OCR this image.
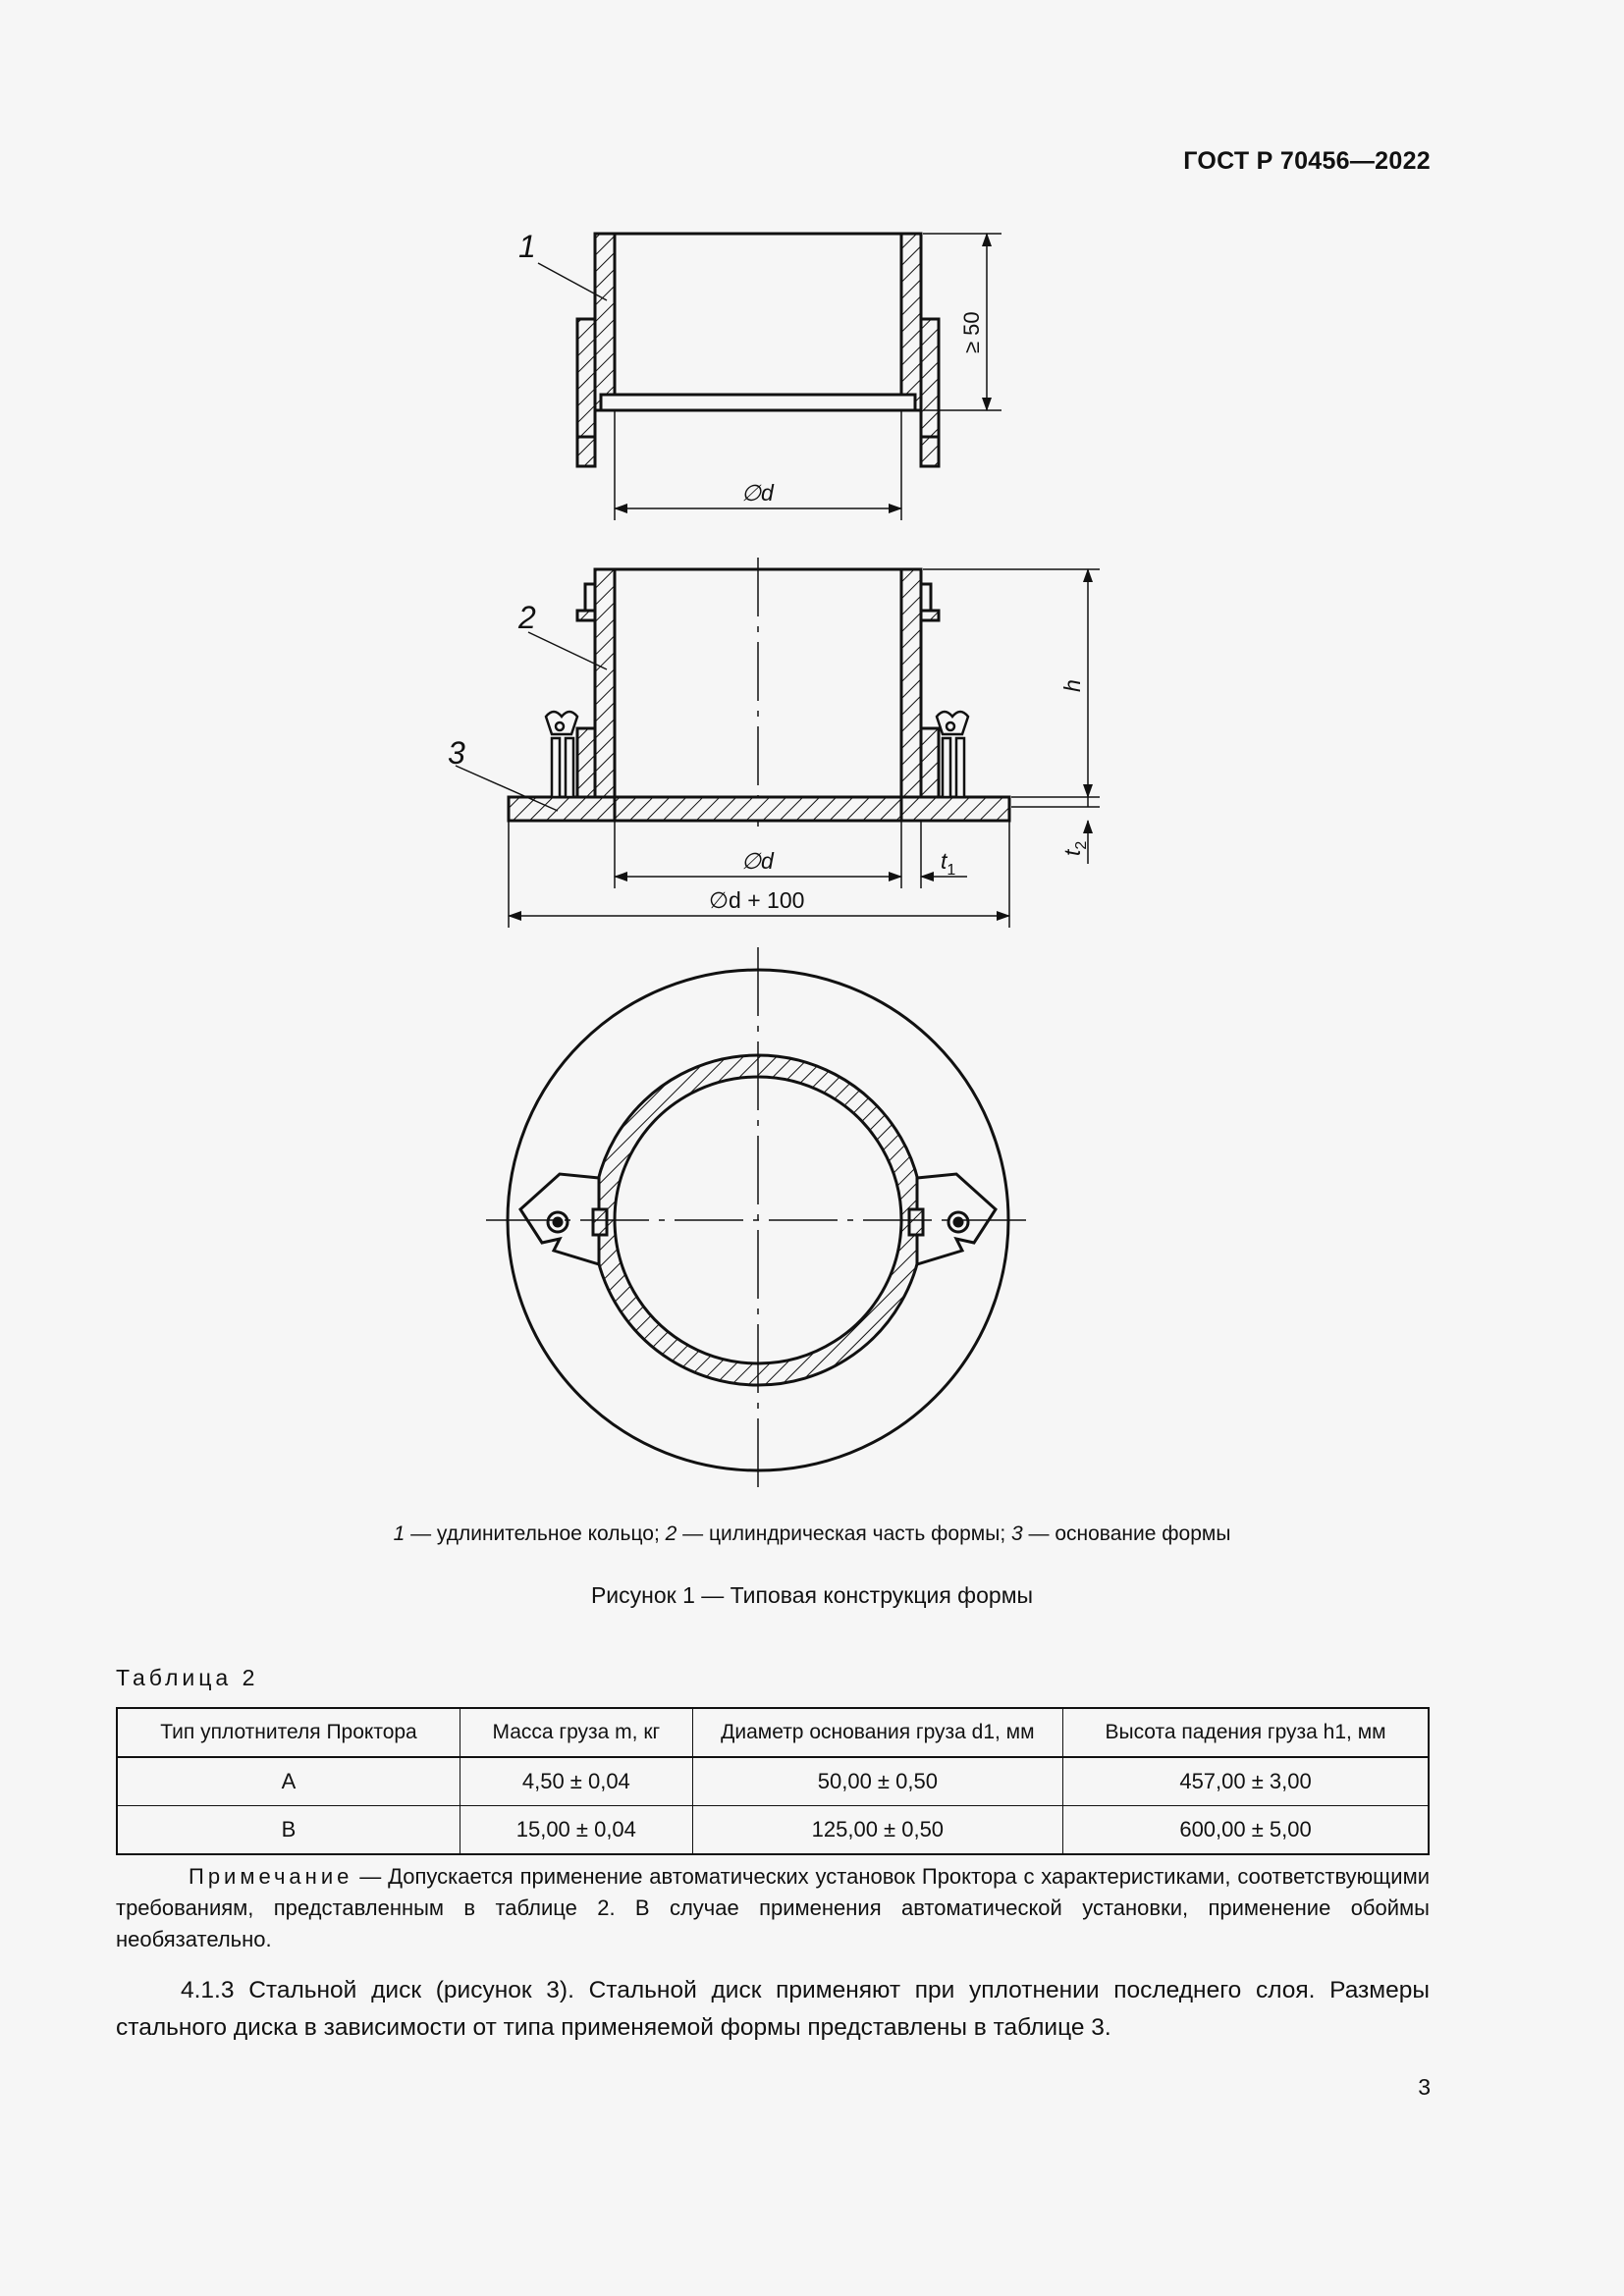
ГОСТ Р 70456—2022
1
∅d
≥ 50
2
3
∅d
∅d + 100
$t_1$
h
$t_2$
1 — удлинительное кольцо; 2 — цилиндрическая часть формы; 3 — основание формы
Рисунок 1 — Типовая конструкция формы
Таблица 2
Тип уплотнителя Проктора	Масса груза m, кг	Диаметр основания груза d1, мм	Высота падения груза h1, мм
A	4,50 ± 0,04	50,00 ± 0,50	457,00 ± 3,00
B	15,00 ± 0,04	125,00 ± 0,50	600,00 ± 5,00
Примечание — Допускается применение автоматических установок Проктора с характеристиками, соответствующими требованиям, представленным в таблице 2. В случае применения автоматической установки, применение обоймы необязательно.
4.1.3 Стальной диск (рисунок 3). Стальной диск применяют при уплотнении последнего слоя. Размеры стального диска в зависимости от типа применяемой формы представлены в таблице 3.
3
